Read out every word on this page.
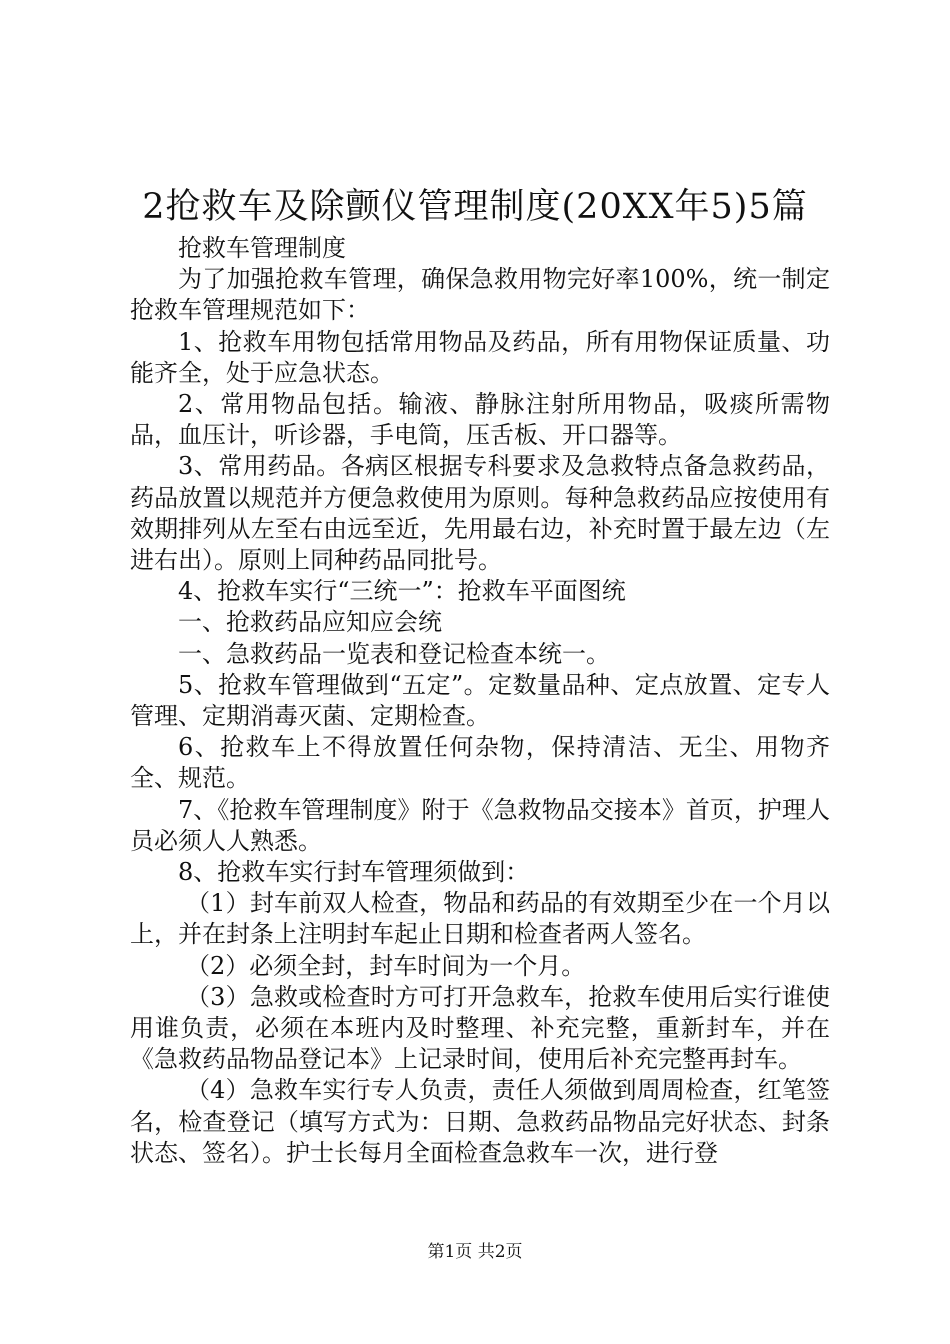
2抢救车及除颤仪管理制度(20XX年5)5篇

抢救车管理制度

为了加强抢救车管理，确保急救用物完好率100%，统一制定抢救车管理规范如下：

1、抢救车用物包括常用物品及药品，所有用物保证质量、功能齐全，处于应急状态。

2、常用物品包括。输液、静脉注射所用物品，吸痰所需物品，血压计，听诊器，手电筒，压舌板、开口器等。

3、常用药品。各病区根据专科要求及急救特点备急救药品，药品放置以规范并方便急救使用为原则。每种急救药品应按使用有效期排列从左至右由远至近，先用最右边，补充时置于最左边（左进右出）。原则上同种药品同批号。

4、抢救车实行“三统一”：抢救车平面图统

一、抢救药品应知应会统

一、急救药品一览表和登记检查本统一。

5、抢救车管理做到“五定”。定数量品种、定点放置、定专人管理、定期消毒灭菌、定期检查。

6、抢救车上不得放置任何杂物，保持清洁、无尘、用物齐全、规范。

7、《抢救车管理制度》附于《急救物品交接本》首页，护理人员必须人人熟悉。

8、抢救车实行封车管理须做到：

（1）封车前双人检查，物品和药品的有效期至少在一个月以上，并在封条上注明封车起止日期和检查者两人签名。

（2）必须全封，封车时间为一个月。

（3）急救或检查时方可打开急救车，抢救车使用后实行谁使用谁负责，必须在本班内及时整理、补充完整，重新封车，并在《急救药品物品登记本》上记录时间，使用后补充完整再封车。

（4）急救车实行专人负责，责任人须做到周周检查，红笔签名，检查登记（填写方式为：日期、急救药品物品完好状态、封条状态、签名）。护士长每月全面检查急救车一次，进行登

第1页 共2页
